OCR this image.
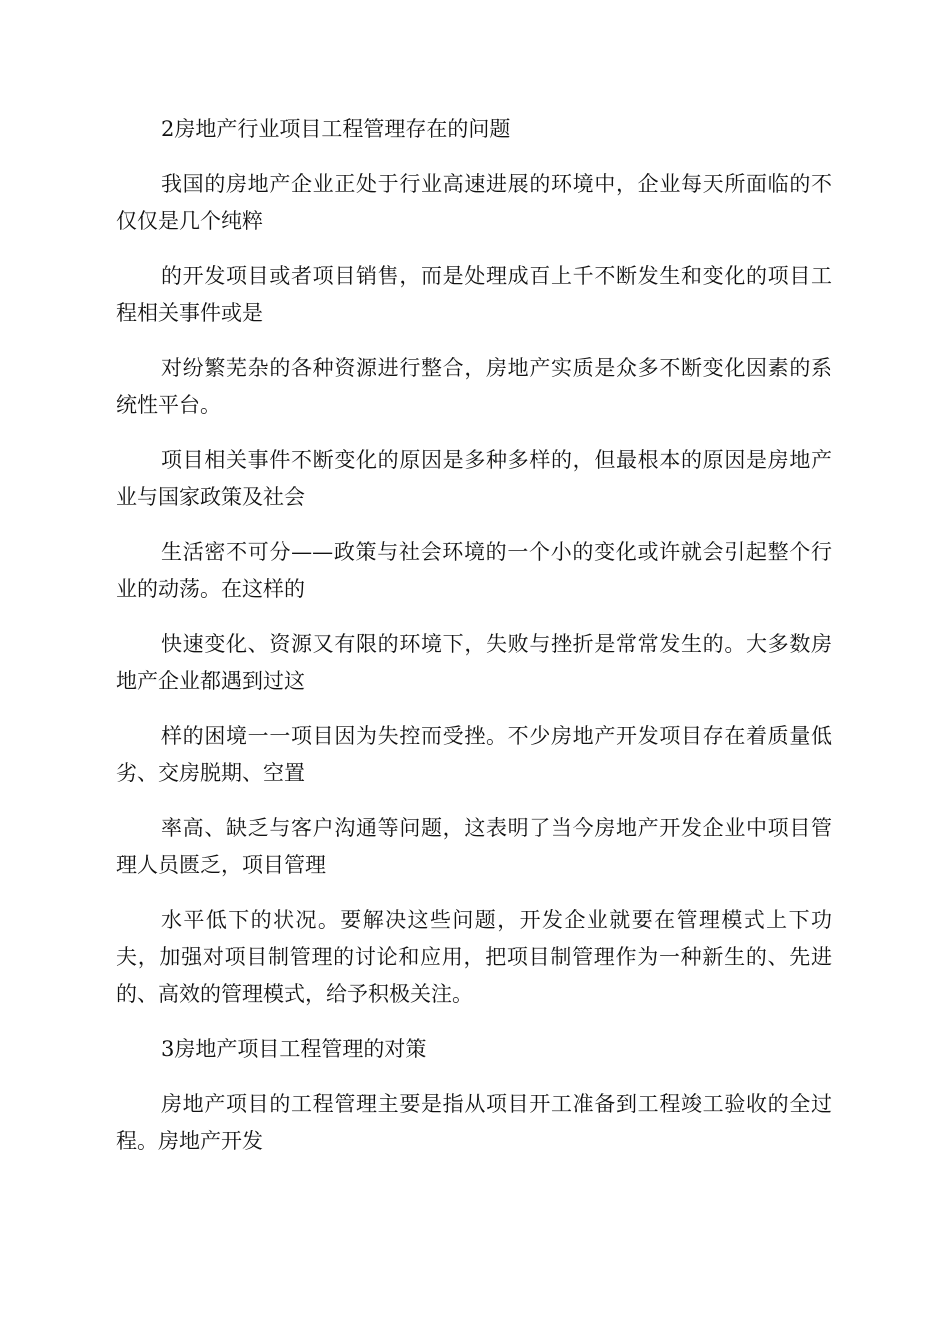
2房地产行业项目工程管理存在的问题

我国的房地产企业正处于行业高速进展的环境中，企业每天所面临的不仅仅是几个纯粹

的开发项目或者项目销售，而是处理成百上千不断发生和变化的项目工程相关事件或是

对纷繁芜杂的各种资源进行整合，房地产实质是众多不断变化因素的系统性平台。

项目相关事件不断变化的原因是多种多样的，但最根本的原因是房地产业与国家政策及社会

生活密不可分——政策与社会环境的一个小的变化或许就会引起整个行业的动荡。在这样的

快速变化、资源又有限的环境下，失败与挫折是常常发生的。大多数房地产企业都遇到过这

样的困境一一项目因为失控而受挫。不少房地产开发项目存在着质量低劣、交房脱期、空置

率高、缺乏与客户沟通等问题，这表明了当今房地产开发企业中项目管理人员匮乏，项目管理

水平低下的状况。要解决这些问题，开发企业就要在管理模式上下功夫，加强对项目制管理的讨论和应用，把项目制管理作为一种新生的、先进的、高效的管理模式，给予积极关注。

3房地产项目工程管理的对策

房地产项目的工程管理主要是指从项目开工准备到工程竣工验收的全过程。房地产开发
